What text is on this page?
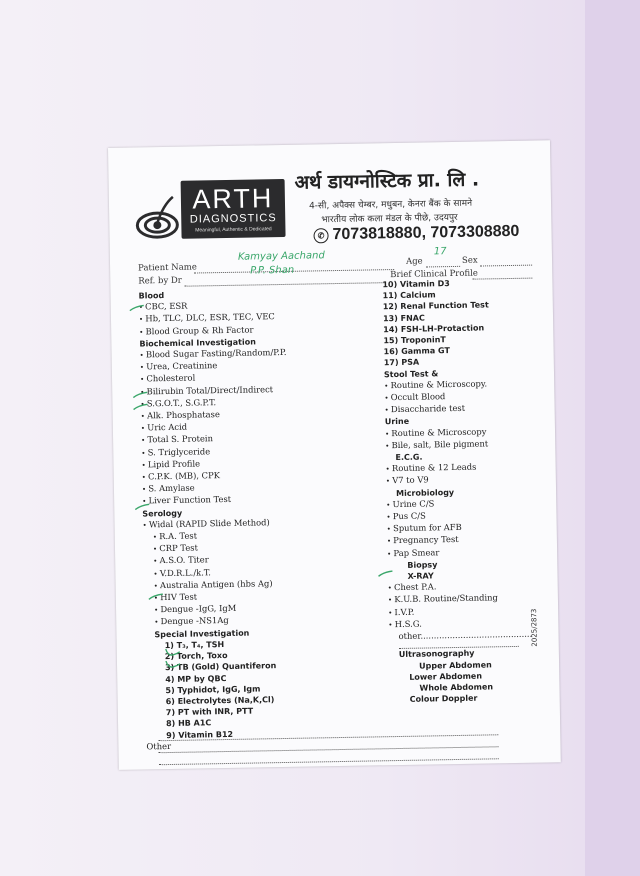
ARTH
DIAGNOSTICS
Meaningful, Authentic & Dedicated
अर्थ डायग्नोस्टिक प्रा. लि .
4-सी, अपैक्स चेम्बर, मधुबन, केनरा बैंक के सामने
भारतीय लोक कला मंडल के पीछे, उदयपुर
✆ 7073818880, 7073308880
Patient Name
Kamyay Aachand	Age
17
Sex
Ref. by Dr
P.P. Shan	Brief Clinical Profile
Blood
• CBC, ESR
• Hb, TLC, DLC, ESR, TEC, VEC
• Blood Group & Rh Factor
Biochemical Investigation
• Blood Sugar Fasting/Random/P.P.
• Urea, Creatinine
• Cholesterol
• Bilirubin Total/Direct/Indirect
• S.G.O.T., S.G.P.T.
• Alk. Phosphatase
• Uric Acid
• Total S. Protein
• S. Triglyceride
• Lipid Profile
• C.P.K. (MB), CPK
• S. Amylase
• Liver Function Test
Serology
• Widal (RAPID Slide Method)
• R.A. Test
• CRP Test
• A.S.O. Titer
• V.D.R.L./k.T.
• Australia Antigen (hbs Ag)
• HIV Test
• Dengue -IgG, IgM
• Dengue -NS1Ag
Special Investigation
1) T₃, T₄, TSH
2) Torch, Toxo
3) TB (Gold) Quantiferon
4) MP by QBC
5) Typhidot, IgG, Igm
6) Electrolytes (Na,K,Cl)
7) PT with INR, PTT
8) HB A1C
9) Vitamin B12
Other
10) Vitamin D3
11) Calcium
12) Renal Function Test
13) FNAC
14) FSH-LH-Protaction
15) TroponinT
16) Gamma GT
17) PSA
Stool Test &
• Routine & Microscopy.
• Occult Blood
• Disaccharide test
Urine
• Routine & Microscopy
• Bile, salt, Bile pigment
E.C.G.
• Routine & 12 Leads
• V7 to V9
Microbiology
• Urine C/S
• Pus C/S
• Sputum for AFB
• Pregnancy Test
• Pap Smear
Biopsy
X-RAY
• Chest P.A.
• K.U.B. Routine/Standing
• I.V.P.
• H.S.G.
other..........................................
Ultrasonography
Upper Abdomen
Lower Abdomen
Whole Abdomen
Colour Doppler
2025/2873
